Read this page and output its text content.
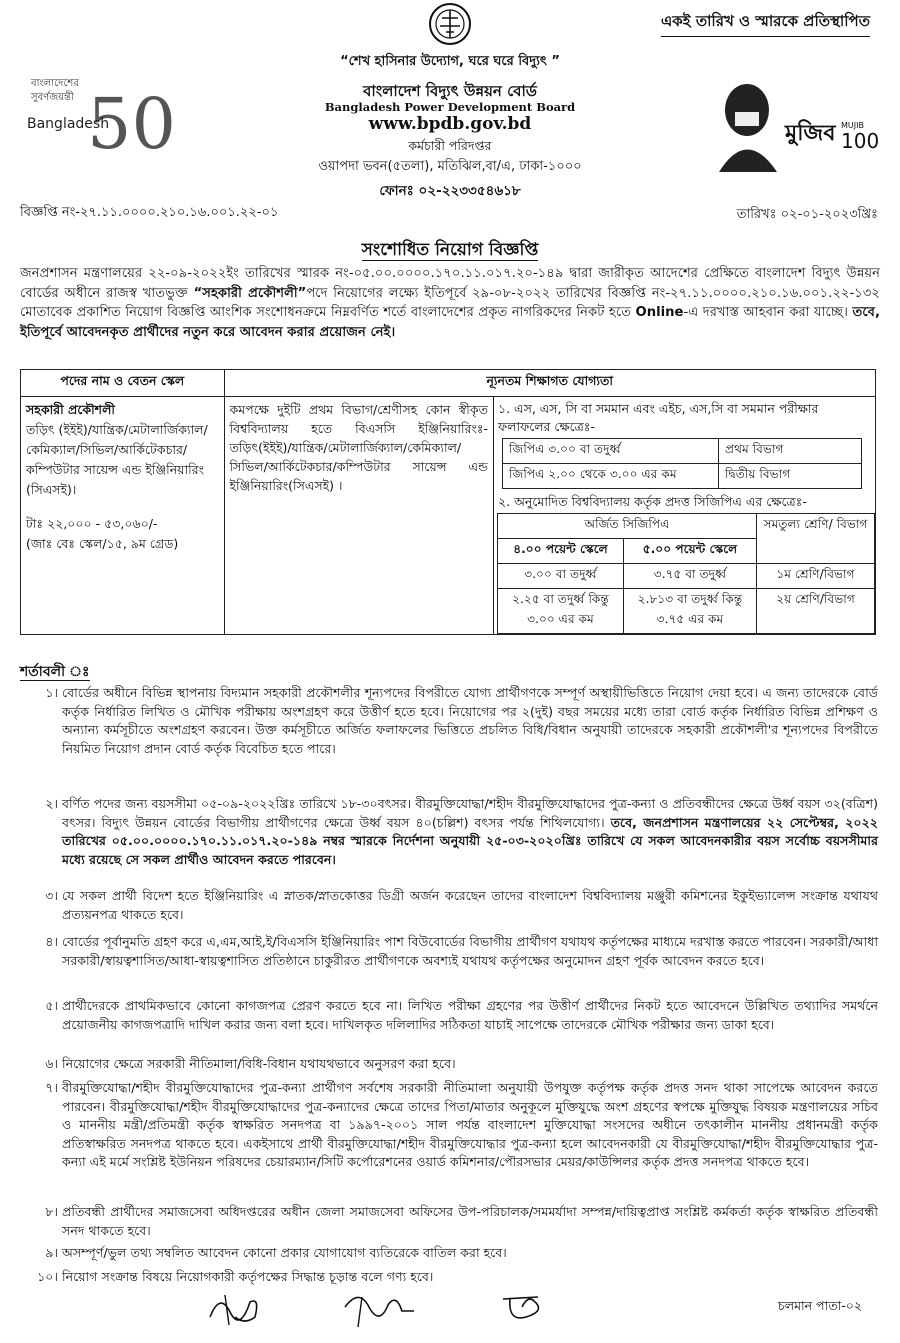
একই তারিখ ও স্মারকে প্রতিস্থাপিত
বাংলাদেশের
সুবর্ণজয়ন্তী 50
Bangladesh
“শেখ হাসিনার উদ্যোগ, ঘরে ঘরে বিদ্যুৎ ”
বাংলাদেশ বিদ্যুৎ উন্নয়ন বোর্ড
Bangladesh Power Development Board
www.bpdb.gov.bd
কর্মচারী পরিদপ্তর
ওয়াপদা ভবন(৫তলা), মতিঝিল,বা/এ, ঢাকা-১০০০
ফোনঃ ০২-২২৩৩৫৪৬১৮
মুজিব MUJIB
100
বিজ্ঞপ্তি নং-২৭.১১.০০০০.২১০.১৬.০০১.২২-০১	তারিখঃ ০২-০১-২০২৩খ্রিঃ
সংশোধিত নিয়োগ বিজ্ঞপ্তি
জনপ্রশাসন মন্ত্রণালয়ের ২২-০৯-২০২২ইং তারিখের স্মারক নং-০৫.০০.০০০০.১৭০.১১.০১৭.২০-১৪৯ দ্বারা জারীকৃত আদেশের প্রেক্ষিতে বাংলাদেশ বিদ্যুৎ উন্নয়ন বোর্ডের অধীনে রাজস্ব খাতভুক্ত “সহকারী প্রকৌশলী”পদে নিয়োগের লক্ষ্যে ইতিপূর্বে ২৯-০৮-২০২২ তারিখের বিজ্ঞপ্তি নং-২৭.১১.০০০০.২১০.১৬.০০১.২২-১৩২ মোতাবেক প্রকাশিত নিয়োগ বিজ্ঞপ্তি আংশিক সংশোধনক্রমে নিম্নবর্ণিত শর্তে বাংলাদেশের প্রকৃত নাগরিকদের নিকট হতে Online-এ দরখাস্ত আহবান করা যাচ্ছে। তবে, ইতিপূর্বে আবেদনকৃত প্রার্থীদের নতুন করে আবেদন করার প্রয়োজন নেই।
পদের নাম ও বেতন স্কেল	ন্যূনতম শিক্ষাগত যোগ্যতা

সহকারী প্রকৌশলী
তড়িৎ (ইইই)/যান্ত্রিক/মেটালার্জিক্যাল/ কেমিক্যাল/সিভিল/আর্কিটেকচার/ কম্পিউটার সায়েন্স এন্ড ইঞ্জিনিয়ারিং (সিএসই)।
টাঃ ২২,০০০ - ৫৩,০৬০/-
(জাঃ বেঃ স্কেল/১৫, ৯ম গ্রেড)
	কমপক্ষে দুইটি প্রথম বিভাগ/শ্রেণীসহ কোন স্বীকৃত বিশ্ববিদ্যালয় হতে বিএসসি ইঞ্জিনিয়ারিংঃ- তড়িৎ(ইইই)/যান্ত্রিক/মেটালার্জিক্যাল/কেমিক্যাল/ সিভিল/আর্কিটেকচার/কম্পিউটার সায়েন্স এন্ড ইঞ্জিনিয়ারিং(সিএসই) ।	
১. এস, এস, সি বা সমমান এবং এইচ, এস,সি বা সমমান পরীক্ষার ফলাফলের ক্ষেত্রেঃ-
জিপিএ ৩.০০ বা তদুর্ধ্ব	প্রথম বিভাগ
জিপিএ ২.০০ থেকে ৩.০০ এর কম	দ্বিতীয় বিভাগ
২. অনুমোদিত বিশ্ববিদ্যালয় কর্তৃক প্রদত্ত সিজিপিএ এর ক্ষেত্রেঃ-
অর্জিত সিজিপিএ	সমতুল্য শ্রেণি/ বিভাগ
৪.০০ পয়েন্ট স্কেলে	৫.০০ পয়েন্ট স্কেলে
৩.০০ বা তদুর্ধ্ব	৩.৭৫ বা তদুর্ধ্ব	১ম শ্রেণি/বিভাগ
২.২৫ বা তদুর্ধ্ব কিন্তু ৩.০০ এর কম	২.৮১৩ বা তদুর্ধ্ব কিন্তু ৩.৭৫ এর কম	২য় শ্রেণি/বিভাগ
শর্তাবলী ঃ
১। বোর্ডের অধীনে বিভিন্ন স্থাপনায় বিদ্যমান সহকারী প্রকৌশলীর শূন্যপদের বিপরীতে যোগ্য প্রার্থীগণকে সম্পূর্ণ অস্থায়ীভিত্তিতে নিয়োগ দেয়া হবে। এ জন্য তাদেরকে বোর্ড কর্তৃক নির্ধারিত লিখিত ও মৌখিক পরীক্ষায় অংশগ্রহণ করে উত্তীর্ণ হতে হবে। নিয়োগের পর ২(দুই) বছর সময়ের মধ্যে তারা বোর্ড কর্তৃক নির্ধারিত বিভিন্ন প্রশিক্ষণ ও অন্যান্য কর্মসূচীতে অংশগ্রহণ করবেন। উক্ত কর্মসূচীতে অর্জিত ফলাফলের ভিত্তিতে প্রচলিত বিধি/বিধান অনুযায়ী তাদেরকে সহকারী প্রকৌশলী'র শূন্যপদের বিপরীতে নিয়মিত নিয়োগ প্রদান বোর্ড কর্তৃক বিবেচিত হতে পারে।
২। বর্ণিত পদের জন্য বয়সসীমা ০৫-০৯-২০২২খ্রিঃ তারিখে ১৮-৩০বৎসর। বীরমুক্তিযোদ্ধা/শহীদ বীরমুক্তিযোদ্ধাদের পুত্র-কন্যা ও প্রতিবন্ধীদের ক্ষেত্রে উর্ধ্ব বয়স ৩২(বত্রিশ) বৎসর। বিদ্যুৎ উন্নয়ন বোর্ডের বিভাগীয় প্রার্থীগণের ক্ষেত্রে উর্ধ্ব বয়স ৪০(চল্লিশ) বৎসর পর্যন্ত শিথিলযোগ্য। তবে, জনপ্রশাসন মন্ত্রণালয়ের ২২ সেপ্টেম্বর, ২০২২ তারিখের ০৫.০০.০০০০.১৭০.১১.০১৭.২০-১৪৯ নম্বর স্মারকে নির্দেশনা অনুযায়ী ২৫-০৩-২০২০খ্রিঃ তারিখে যে সকল আবেদনকারীর বয়স সর্বোচ্চ বয়সসীমার মধ্যে রয়েছে সে সকল প্রার্থীও আবেদন করতে পারবেন।
৩। যে সকল প্রার্থী বিদেশ হতে ইঞ্জিনিয়ারিং এ স্নাতক/স্নাতকোত্তর ডিগ্রী অর্জন করেছেন তাদের বাংলাদেশ বিশ্ববিদ্যালয় মঞ্জুরী কমিশনের ইকুইভ্যালেন্স সংক্রান্ত যথাযথ প্রত্যয়নপত্র থাকতে হবে।
৪। বোর্ডের পূর্বানুমতি গ্রহণ করে এ,এম,আই,ই/বিএসসি ইঞ্জিনিয়ারিং পাশ বিউবোর্ডের বিভাগীয় প্রার্থীগণ যথাযথ কর্তৃপক্ষের মাধ্যমে দরখাস্ত করতে পারবেন। সরকারী/আধা সরকারী/স্বায়ত্বশাসিত/আধা-স্বায়ত্বশাসিত প্রতিষ্ঠানে চাকুরীরত প্রার্থীগণকে অবশ্যই যথাযথ কর্তৃপক্ষের অনুমোদন গ্রহণ পূর্বক আবেদন করতে হবে।
৫। প্রার্থীদেরকে প্রাথমিকভাবে কোনো কাগজপত্র প্রেরণ করতে হবে না। লিখিত পরীক্ষা গ্রহণের পর উত্তীর্ণ প্রার্থীদের নিকট হতে আবেদনে উল্লিখিত তথ্যাদির সমর্থনে প্রয়োজনীয় কাগজপত্রাদি দাখিল করার জন্য বলা হবে। দাখিলকৃত দলিলাদির সঠিকতা যাচাই সাপেক্ষে তাদেরকে মৌখিক পরীক্ষার জন্য ডাকা হবে।
৬। নিয়োগের ক্ষেত্রে সরকারী নীতিমালা/বিধি-বিধান যথাযথভাবে অনুসরণ করা হবে।
৭। বীরমুক্তিযোদ্ধা/শহীদ বীরমুক্তিযোদ্ধাদের পুত্র-কন্যা প্রার্থীগণ সর্বশেষ সরকারী নীতিমালা অনুযায়ী উপযুক্ত কর্তৃপক্ষ কর্তৃক প্রদত্ত সনদ থাকা সাপেক্ষে আবেদন করতে পারবেন। বীরমুক্তিযোদ্ধা/শহীদ বীরমুক্তিযোদ্ধাদের পুত্র-কন্যাদের ক্ষেত্রে তাদের পিতা/মাতার অনুকূলে মুক্তিযুদ্ধে অংশ গ্রহণের স্বপক্ষে মুক্তিযুদ্ধ বিষয়ক মন্ত্রণালয়ের সচিব ও মাননীয় মন্ত্রী/প্রতিমন্ত্রী কর্তৃক স্বাক্ষরিত সনদপত্র বা ১৯৯৭-২০০১ সাল পর্যন্ত বাংলাদেশ মুক্তিযোদ্ধা সংসদের অধীনে তৎকালীন মাননীয় প্রধানমন্ত্রী কর্তৃক প্রতিস্বাক্ষরিত সনদপত্র থাকতে হবে। একইসাথে প্রার্থী বীরমুক্তিযোদ্ধা/শহীদ বীরমুক্তিযোদ্ধার পুত্র-কন্যা হলে আবেদনকারী যে বীরমুক্তিযোদ্ধা/শহীদ বীরমুক্তিযোদ্ধার পুত্র-কন্যা এই মর্মে সংশ্লিষ্ট ইউনিয়ন পরিষদের চেয়ারম্যান/সিটি কর্পোরেশনের ওয়ার্ড কমিশনার/পৌরসভার মেয়র/কাউন্সিলর কর্তৃক প্রদত্ত সনদপত্র থাকতে হবে।
৮। প্রতিবন্ধী প্রার্থীদের সমাজসেবা অধিদপ্তরের অধীন জেলা সমাজসেবা অফিসের উপ-পরিচালক/সমমর্যাদা সম্পন্ন/দায়িত্বপ্রাপ্ত সংশ্লিষ্ট কর্মকর্তা কর্তৃক স্বাক্ষরিত প্রতিবন্ধী সনদ থাকতে হবে।
৯। অসম্পূর্ণ/ভুল তথ্য সম্বলিত আবেদন কোনো প্রকার যোগাযোগ ব্যতিরেকে বাতিল করা হবে।
১০। নিয়োগ সংক্রান্ত বিষয়ে নিয়োগকারী কর্তৃপক্ষের সিদ্ধান্ত চূড়ান্ত বলে গণ্য হবে।
চলমান পাতা-০২
